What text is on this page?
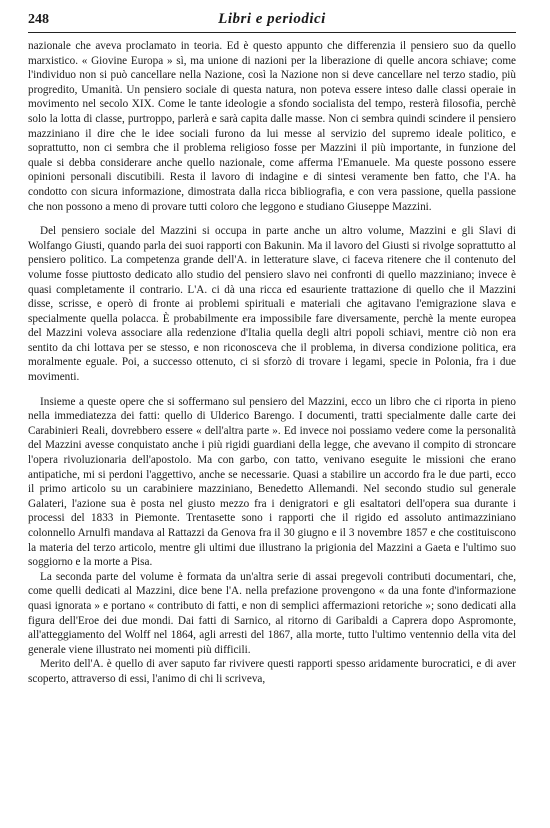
248	Libri e periodici

nazionale che aveva proclamato in teoria. Ed è questo appunto che differenzia il pensiero suo da quello marxistico. « Giovine Europa » sì, ma unione di nazioni per la liberazione di quelle ancora schiave; come l'individuo non si può cancellare nella Nazione, così la Nazione non si deve cancellare nel terzo stadio, più progredito, Umanità. Un pensiero sociale di questa natura, non poteva essere inteso dalle classi operaie in movimento nel secolo XIX. Come le tante ideologie a sfondo socialista del tempo, resterà filosofia, perchè solo la lotta di classe, purtroppo, parlerà e sarà capita dalle masse. Non ci sembra quindi scindere il pensiero mazziniano il dire che le idee sociali furono da lui messe al servizio del supremo ideale politico, e soprattutto, non ci sembra che il problema religioso fosse per Mazzini il più importante, in funzione del quale si debba considerare anche quello nazionale, come afferma l'Emanuele. Ma queste possono essere opinioni personali discutibili. Resta il lavoro di indagine e di sintesi veramente ben fatto, che l'A. ha condotto con sicura informazione, dimostrata dalla ricca bibliografia, e con vera passione, quella passione che non possono a meno di provare tutti coloro che leggono e studiano Giuseppe Mazzini.

Del pensiero sociale del Mazzini si occupa in parte anche un altro volume, Mazzini e gli Slavi di Wolfango Giusti, quando parla dei suoi rapporti con Bakunin. Ma il lavoro del Giusti si rivolge soprattutto al pensiero politico. La competenza grande dell'A. in letterature slave, ci faceva ritenere che il contenuto del volume fosse piuttosto dedicato allo studio del pensiero slavo nei confronti di quello mazziniano; invece è quasi completamente il contrario. L'A. ci dà una ricca ed esauriente trattazione di quello che il Mazzini disse, scrisse, e operò di fronte ai problemi spirituali e materiali che agitavano l'emigrazione slava e specialmente quella polacca. È probabilmente era impossibile fare diversamente, perchè la mente europea del Mazzini voleva associare alla redenzione d'Italia quella degli altri popoli schiavi, mentre ciò non era sentito da chi lottava per se stesso, e non riconosceva che il problema, in diversa condizione politica, era moralmente eguale. Poi, a successo ottenuto, ci si sforzò di trovare i legami, specie in Polonia, fra i due movimenti.

Insieme a queste opere che si soffermano sul pensiero del Mazzini, ecco un libro che ci riporta in pieno nella immediatezza dei fatti: quello di Ulderico Barengo. I documenti, tratti specialmente dalle carte dei Carabinieri Reali, dovrebbero essere « dell'altra parte ». Ed invece noi possiamo vedere come la personalità del Mazzini avesse conquistato anche i più rigidi guardiani della legge, che avevano il compito di stroncare l'opera rivoluzionaria dell'apostolo. Ma con garbo, con tatto, venivano eseguite le missioni che erano antipatiche, mi si perdoni l'aggettivo, anche se necessarie. Quasi a stabilire un accordo fra le due parti, ecco il primo articolo su un carabiniere mazziniano, Benedetto Allemandi. Nel secondo studio sul generale Galateri, l'azione sua è posta nel giusto mezzo fra i denigratori e gli esaltatori dell'opera sua durante i processi del 1833 in Piemonte. Trentasette sono i rapporti che il rigido ed assoluto antimazziniano colonnello Arnulfi mandava al Rattazzi da Genova fra il 30 giugno e il 3 novembre 1857 e che costituiscono la materia del terzo articolo, mentre gli ultimi due illustrano la prigionia del Mazzini a Gaeta e l'ultimo suo soggiorno e la morte a Pisa.

La seconda parte del volume è formata da un'altra serie di assai pregevoli contributi documentari, che, come quelli dedicati al Mazzini, dice bene l'A. nella prefazione provengono « da una fonte d'informazione quasi ignorata » e portano « contributo di fatti, e non di semplici affermazioni retoriche »; sono dedicati alla figura dell'Eroe dei due mondi. Dai fatti di Sarnico, al ritorno di Garibaldi a Caprera dopo Aspromonte, all'atteggiamento del Wolff nel 1864, agli arresti del 1867, alla morte, tutto l'ultimo ventennio della vita del generale viene illustrato nei momenti più difficili.

Merito dell'A. è quello di aver saputo far rivivere questi rapporti spesso aridamente burocratici, e di aver scoperto, attraverso di essi, l'animo di chi li scriveva,
